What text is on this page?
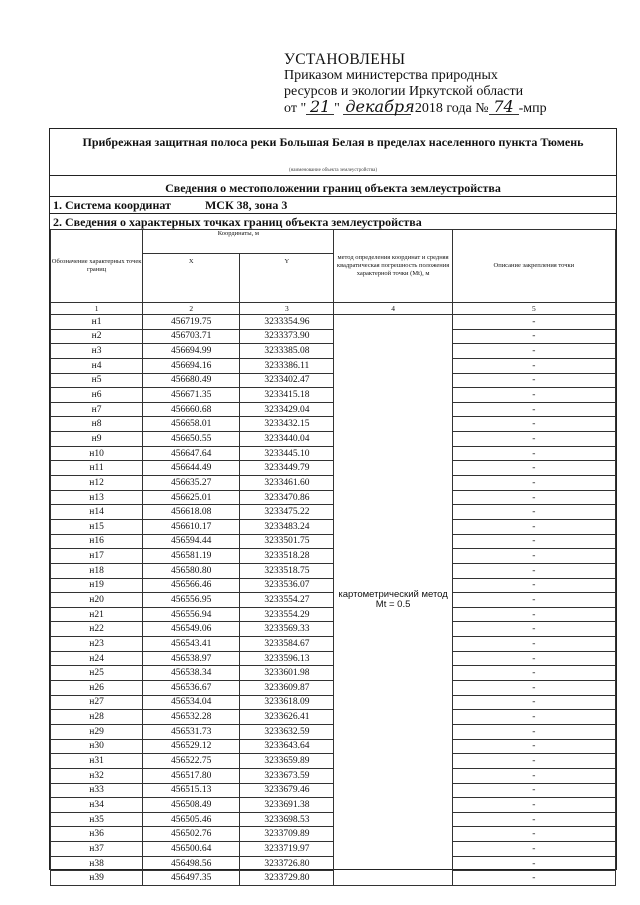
УСТАНОВЛЕНЫ
Приказом министерства природных
ресурсов и экологии Иркутской области
от " 21 " декабря 2018 года № 74 -мпр
Прибрежная защитная полоса реки Большая Белая в пределах населенного пункта Тюмень
(наименование объекта землеустройства)
Сведения о местоположении границ объекта землеустройства
1. Система координат	МСК 38, зона 3
2. Сведения о характерных точках границ объекта землеустройства
Обозначение характерных точек границ	Координаты, м		метод определения координат и средняя квадратическая погрешность положения характерной точки (Mt), м	Описание закрепления точки
	X	Y		
1	2	3	4	5
н1	456719.75	3233354.96	картометрический метод Mt = 0.5	-
н2	456703.71	3233373.90		-
н3	456694.99	3233385.08		-
н4	456694.16	3233386.11		-
н5	456680.49	3233402.47		-
н6	456671.35	3233415.18		-
н7	456660.68	3233429.04		-
н8	456658.01	3233432.15		-
н9	456650.55	3233440.04		-
н10	456647.64	3233445.10		-
н11	456644.49	3233449.79		-
н12	456635.27	3233461.60		-
н13	456625.01	3233470.86		-
н14	456618.08	3233475.22		-
н15	456610.17	3233483.24		-
н16	456594.44	3233501.75		-
н17	456581.19	3233518.28		-
н18	456580.80	3233518.75		-
н19	456566.46	3233536.07		-
н20	456556.95	3233554.27		-
н21	456556.94	3233554.29		-
н22	456549.06	3233569.33		-
н23	456543.41	3233584.67		-
н24	456538.97	3233596.13		-
н25	456538.34	3233601.98		-
н26	456536.67	3233609.87		-
н27	456534.04	3233618.09		-
н28	456532.28	3233626.41		-
н29	456531.73	3233632.59		-
н30	456529.12	3233643.64		-
н31	456522.75	3233659.89		-
н32	456517.80	3233673.59		-
н33	456515.13	3233679.46		-
н34	456508.49	3233691.38		-
н35	456505.46	3233698.53		-
н36	456502.76	3233709.89		-
н37	456500.64	3233719.97		-
н38	456498.56	3233726.80		-
н39	456497.35	3233729.80		-
